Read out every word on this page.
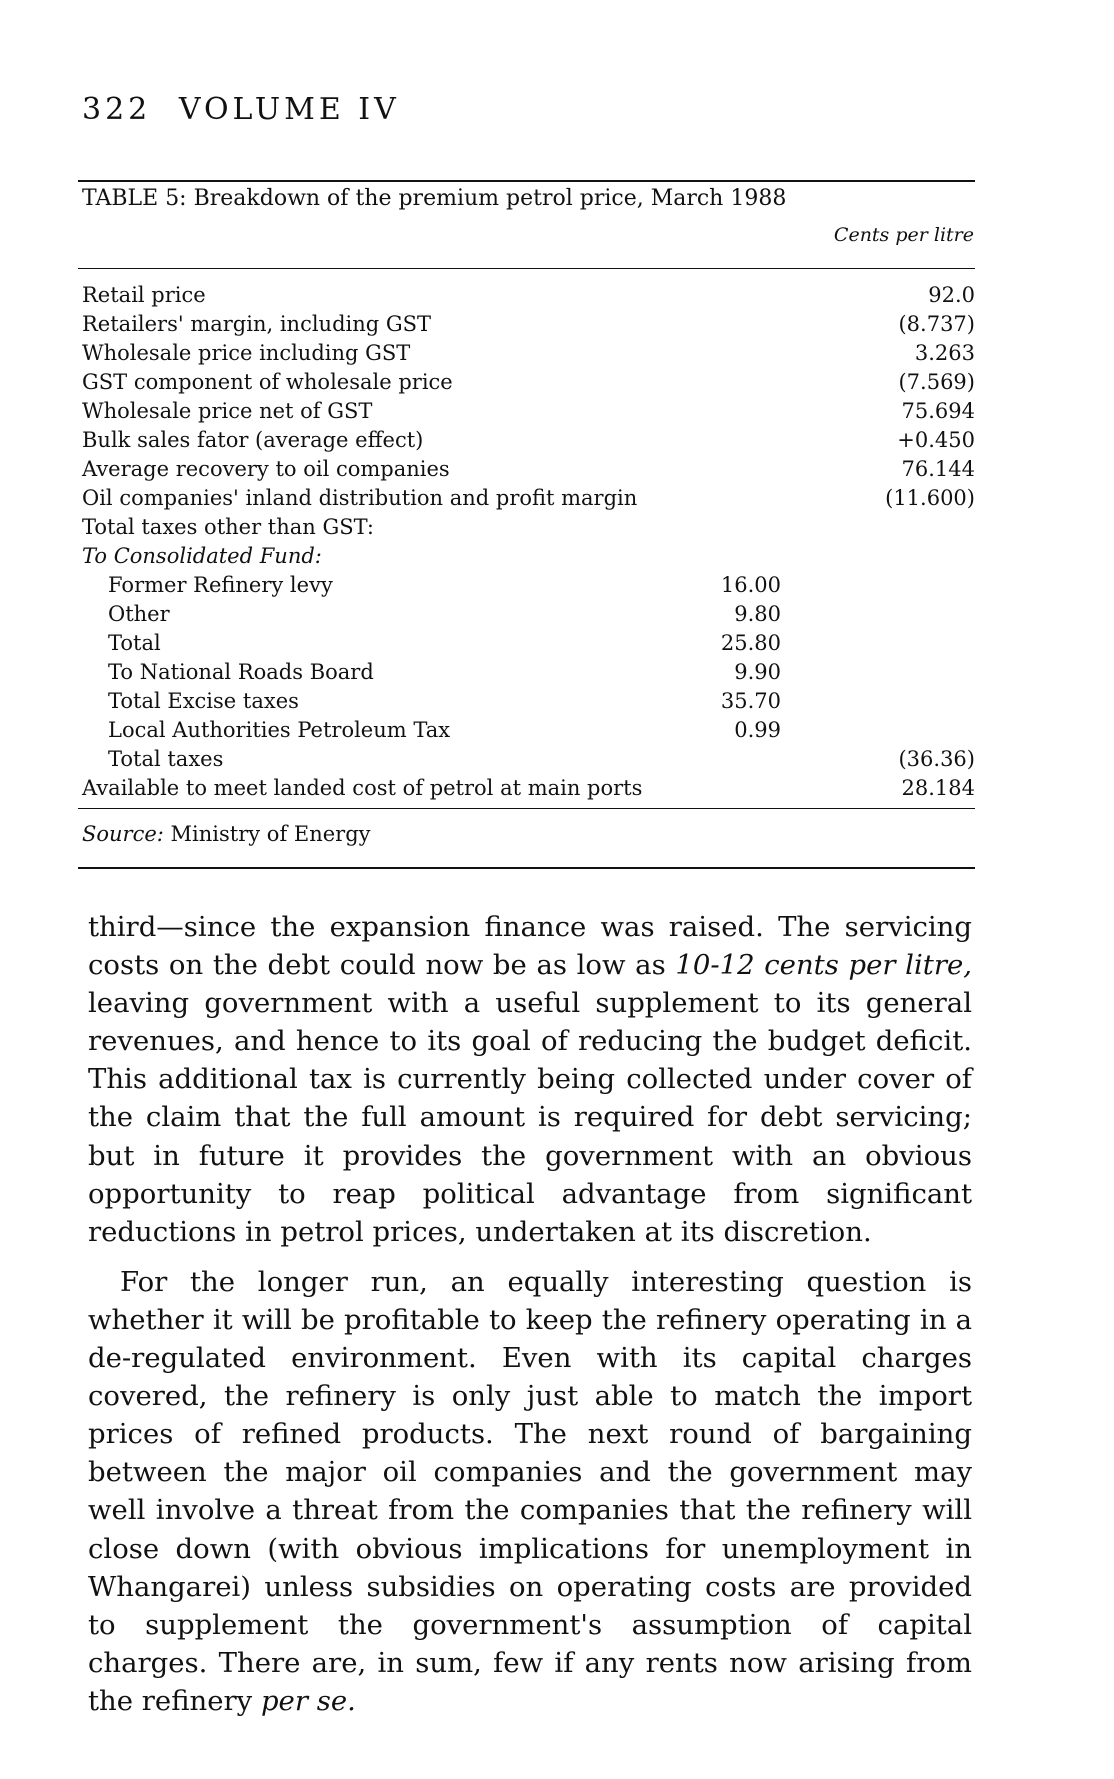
322 VOLUME IV
TABLE 5: Breakdown of the premium petrol price, March 1988
Cents per litre
Retail price	92.0
Retailers' margin, including GST	(8.737)
Wholesale price including GST	3.263
GST component of wholesale price	(7.569)
Wholesale price net of GST	75.694
Bulk sales fator (average effect)	+0.450
Average recovery to oil companies	76.144
Oil companies' inland distribution and profit margin	(11.600)
Total taxes other than GST:
To Consolidated Fund:
Former Refinery levy	16.00
Other	9.80
Total	25.80
To National Roads Board	9.90
Total Excise taxes	35.70
Local Authorities Petroleum Tax	0.99
Total taxes	(36.36)
Available to meet landed cost of petrol at main ports	28.184

Source: Ministry of Energy

third—since the expansion finance was raised. The servicing costs on the debt could now be as low as 10-12 cents per litre, leaving government with a useful supplement to its general revenues, and hence to its goal of reducing the budget deficit. This additional tax is currently being collected under cover of the claim that the full amount is required for debt servicing; but in future it provides the government with an obvious opportunity to reap political advantage from significant reductions in petrol prices, undertaken at its discretion.

For the longer run, an equally interesting question is whether it will be profitable to keep the refinery operating in a de-regulated environment. Even with its capital charges covered, the refinery is only just able to match the import prices of refined products. The next round of bargaining between the major oil companies and the government may well involve a threat from the companies that the refinery will close down (with obvious implications for unemployment in Whangarei) unless subsidies on operating costs are provided to supplement the government's assumption of capital charges. There are, in sum, few if any rents now arising from the refinery per se.
